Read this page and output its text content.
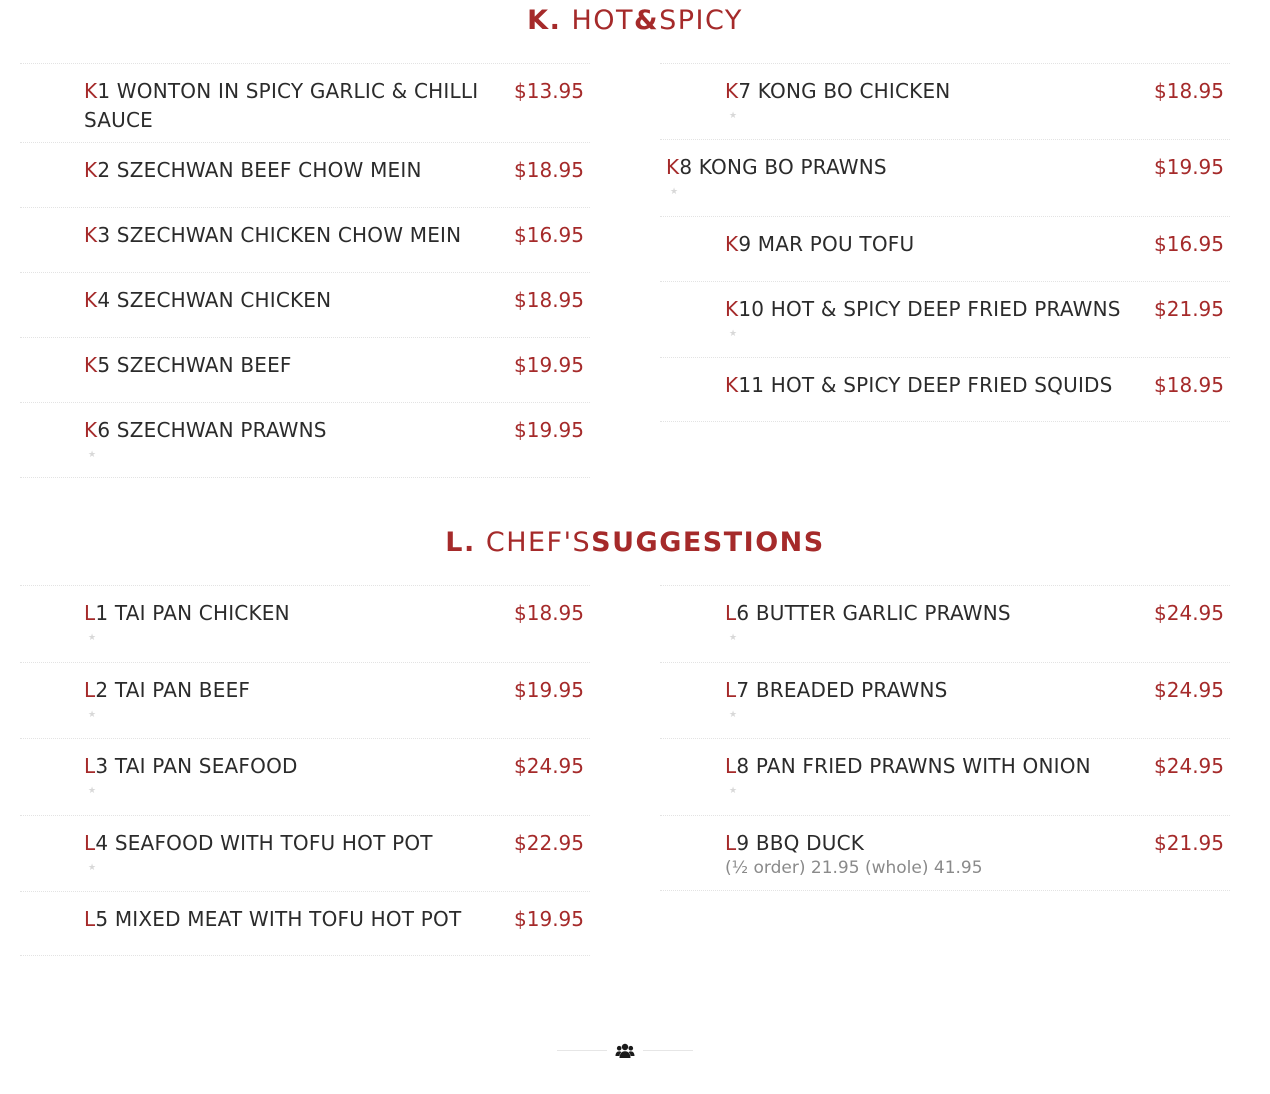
K. HOT&SPICY
K1 WONTON IN SPICY GARLIC & CHILLI SAUCE
$13.95
K2 SZECHWAN BEEF CHOW MEIN	$18.95
K3 SZECHWAN CHICKEN CHOW MEIN	$16.95
K4 SZECHWAN CHICKEN	$18.95
K5 SZECHWAN BEEF	$19.95
K6 SZECHWAN PRAWNS	$19.95
★
K7 KONG BO CHICKEN	$18.95
★
K8 KONG BO PRAWNS	$19.95
★
K9 MAR POU TOFU	$16.95
K10 HOT & SPICY DEEP FRIED PRAWNS	$21.95
★
K11 HOT & SPICY DEEP FRIED SQUIDS	$18.95
L. CHEF'SSUGGESTIONS
L1 TAI PAN CHICKEN	$18.95
★
L2 TAI PAN BEEF	$19.95
★
L3 TAI PAN SEAFOOD	$24.95
★
L4 SEAFOOD WITH TOFU HOT POT	$22.95
★
L5 MIXED MEAT WITH TOFU HOT POT	$19.95
L6 BUTTER GARLIC PRAWNS	$24.95
★
L7 BREADED PRAWNS	$24.95
★
L8 PAN FRIED PRAWNS WITH ONION	$24.95
★
L9 BBQ DUCK	$21.95
(½ order) 21.95 (whole) 41.95
